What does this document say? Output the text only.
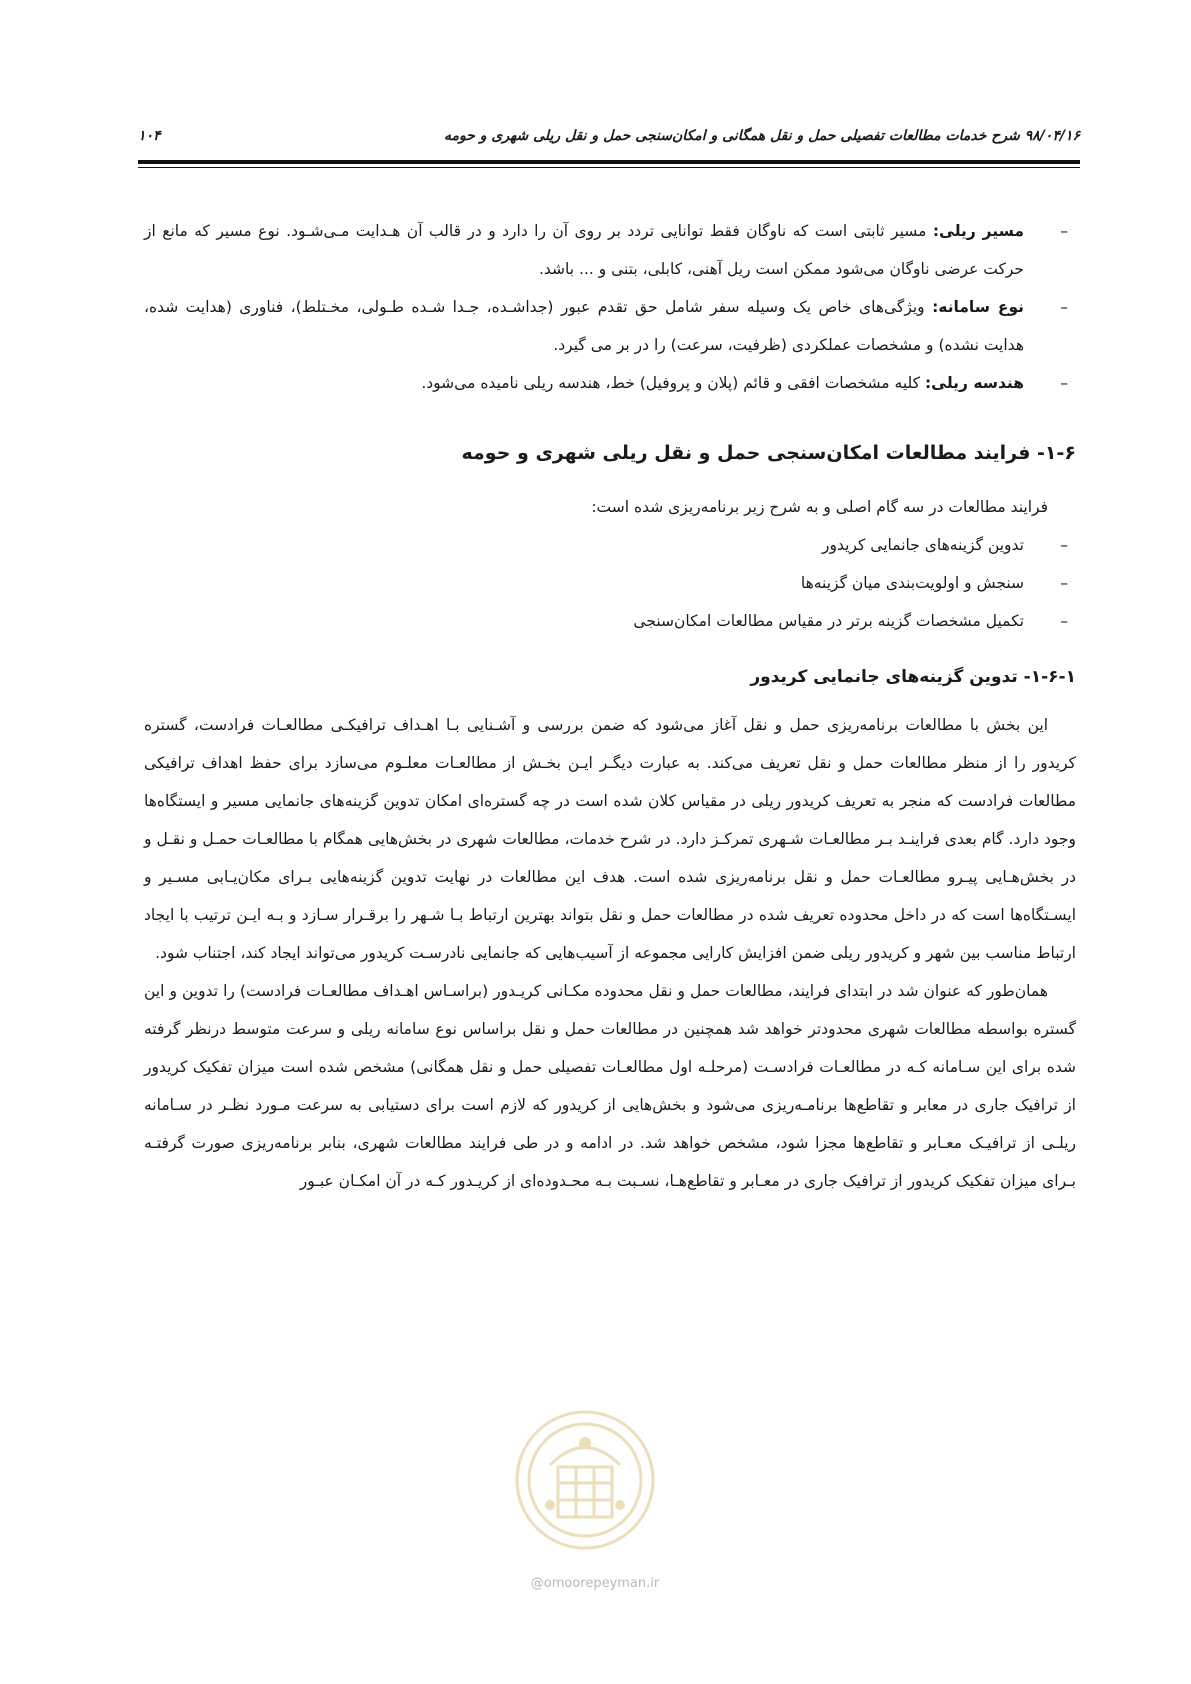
۹۸/۰۴/۱۶ شرح خدمات مطالعات تفصیلی حمل و نقل همگانی و امکان‌سنجی حمل و نقل ریلی شهری و حومه
۱۰۴
–
مسیر ریلی: مسیر ثابتی است که ناوگان فقط توانایی تردد بر روی آن را دارد و در قالب آن هـدایت مـی‌شـود. نوع مسیر که مانع از حرکت عرضی ناوگان می‌شود ممکن است ریل آهنی، کابلی، بتنی و ... باشد.
–
نوع سامانه: ویژگی‌های خاص یک وسیله سفر شامل حق تقدم عبور (جداشـده، جـدا شـده طـولی، مخـتلط)، فناوری (هدایت شده، هدایت نشده) و مشخصات عملکردی (ظرفیت، سرعت) را در بر می گیرد.
–
هندسه ریلی: کلیه مشخصات افقی و قائم (پلان و پروفیل) خط، هندسه ریلی نامیده می‌شود.
۱-۶- فرایند مطالعات امکان‌سنجی حمل و نقل ریلی شهری و حومه

فرایند مطالعات در سه گام اصلی و به شرح زیر برنامه‌ریزی شده است:

–
تدوین گزینه‌های جانمایی کریدور
–
سنجش و اولویت‌بندی میان گزینه‌ها
–
تکمیل مشخصات گزینه برتر در مقیاس مطالعات امکان‌سنجی
۱-۶-۱- تدوین گزینه‌های جانمایی کریدور

این بخش با مطالعات برنامه‌ریزی حمل و نقل آغاز می‌شود که ضمن بررسی و آشـنایی بـا اهـداف ترافیکـی مطالعـات فرادست، گستره کریدور را از منظر مطالعات حمل و نقل تعریف می‌کند. به عبارت دیگـر ایـن بخـش از مطالعـات معلـوم می‌سازد برای حفظ اهداف ترافیکی مطالعات فرادست که منجر به تعریف کریدور ریلی در مقیاس کلان شده است در چه گستره‌ای امکان تدوین گزینه‌های جانمایی مسیر و ایستگاه‌ها وجود دارد. گام بعدی فراینـد بـر مطالعـات شـهری تمرکـز دارد. در شرح خدمات، مطالعات شهری در بخش‌هایی همگام با مطالعـات حمـل و نقـل و در بخش‌هـایی پیـرو مطالعـات حمل و نقل برنامه‌ریزی شده است. هدف این مطالعات در نهایت تدوین گزینه‌هایی بـرای مکان‌یـابی مسـیر و ایسـتگاه‌ها است که در داخل محدوده تعریف شده در مطالعات حمل و نقل بتواند بهترین ارتباط بـا شـهر را برقـرار سـازد و بـه ایـن ترتیب با ایجاد ارتباط مناسب بین شهر و کریدور ریلی ضمن افزایش کارایی مجموعه از آسیب‌هایی که جانمایی نادرسـت کریدور می‌تواند ایجاد کند، اجتناب شود.

همان‌طور که عنوان شد در ابتدای فرایند، مطالعات حمل و نقل محدوده مکـانی کریـدور (براسـاس اهـداف مطالعـات فرادست) را تدوین و این گستره بواسطه مطالعات شهری محدودتر خواهد شد همچنین در مطالعات حمل و نقل براساس نوع سامانه ریلی و سرعت متوسط درنظر گرفته شده برای این سـامانه کـه در مطالعـات فرادسـت (مرحلـه اول مطالعـات تفصیلی حمل و نقل همگانی) مشخص شده است میزان تفکیک کریدور از ترافیک جاری در معابر و تقاطع‌ها برنامـه‌ریزی می‌شود و بخش‌هایی از کریدور که لازم است برای دستیابی به سرعت مـورد نظـر در سـامانه ریلـی از ترافیـک معـابر و تقاطع‌ها مجزا شود، مشخص خواهد شد. در ادامه و در طی فرایند مطالعات شهری، بنابر برنامه‌ریزی صورت گرفتـه بـرای میزان تفکیک کریدور از ترافیک جاری در معـابر و تقاطع‌هـا، نسـبت بـه محـدوده‌ای از کریـدور کـه در آن امکـان عبـور

@omoorepeyman.ir
